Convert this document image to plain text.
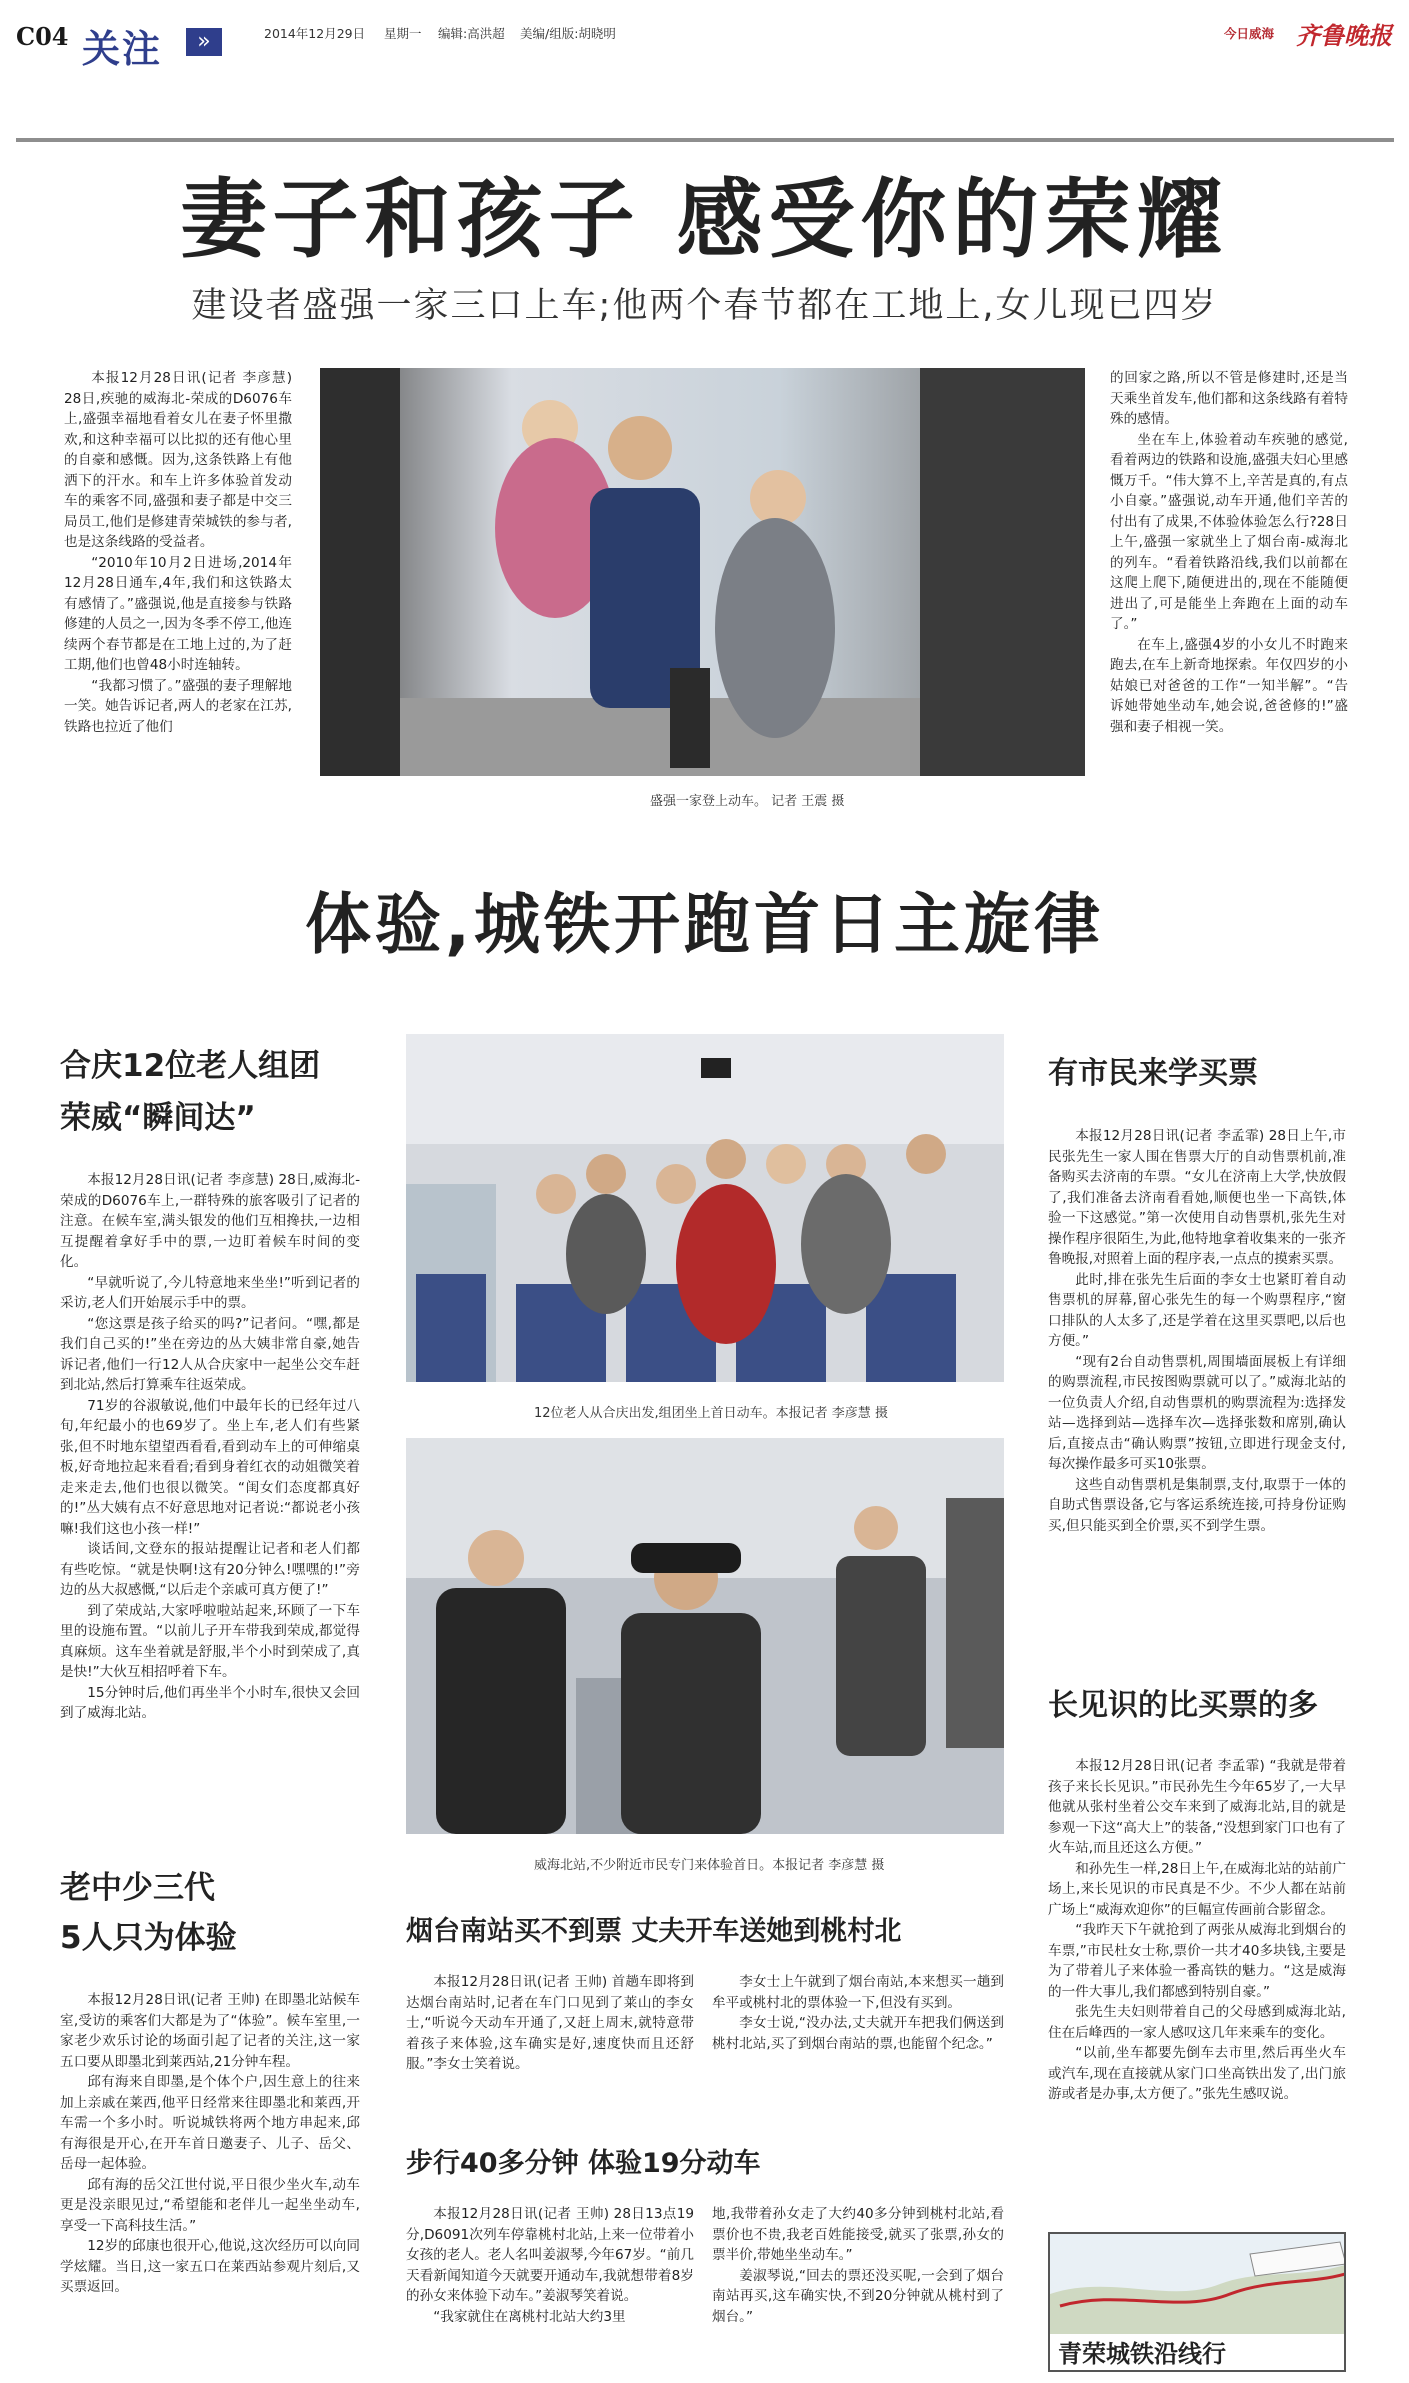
C04 关注	»	2014年12月29日 星期一 编辑:高洪超 美编/组版:胡晓明	今日威海 齐鲁晚报
妻子和孩子 感受你的荣耀
建设者盛强一家三口上车;他两个春节都在工地上,女儿现已四岁

本报12月28日讯(记者 李彦慧) 28日,疾驰的威海北-荣成的D6076车上,盛强幸福地看着女儿在妻子怀里撒欢,和这种幸福可以比拟的还有他心里的自豪和感慨。因为,这条铁路上有他洒下的汗水。和车上许多体验首发动车的乘客不同,盛强和妻子都是中交三局员工,他们是修建青荣城铁的参与者,也是这条线路的受益者。

“2010年10月2日进场,2014年12月28日通车,4年,我们和这铁路太有感情了。”盛强说,他是直接参与铁路修建的人员之一,因为冬季不停工,他连续两个春节都是在工地上过的,为了赶工期,他们也曾48小时连轴转。

“我都习惯了。”盛强的妻子理解地一笑。她告诉记者,两人的老家在江苏,铁路也拉近了他们

盛强一家登上动车。 记者 王震 摄

的回家之路,所以不管是修建时,还是当天乘坐首发车,他们都和这条线路有着特殊的感情。

坐在车上,体验着动车疾驰的感觉,看着两边的铁路和设施,盛强夫妇心里感慨万千。“伟大算不上,辛苦是真的,有点小自豪。”盛强说,动车开通,他们辛苦的付出有了成果,不体验体验怎么行?28日上午,盛强一家就坐上了烟台南-威海北的列车。“看着铁路沿线,我们以前都在这爬上爬下,随便进出的,现在不能随便进出了,可是能坐上奔跑在上面的动车了。”

在车上,盛强4岁的小女儿不时跑来跑去,在车上新奇地探索。年仅四岁的小姑娘已对爸爸的工作“一知半解”。“告诉她带她坐动车,她会说,爸爸修的!”盛强和妻子相视一笑。

体验,城铁开跑首日主旋律
合庆12位老人组团
荣威“瞬间达”

本报12月28日讯(记者 李彦慧) 28日,威海北-荣成的D6076车上,一群特殊的旅客吸引了记者的注意。在候车室,满头银发的他们互相搀扶,一边相互提醒着拿好手中的票,一边盯着候车时间的变化。

“早就听说了,今儿特意地来坐坐!”听到记者的采访,老人们开始展示手中的票。

“您这票是孩子给买的吗?”记者问。“嘿,都是我们自己买的!”坐在旁边的丛大姨非常自豪,她告诉记者,他们一行12人从合庆家中一起坐公交车赶到北站,然后打算乘车往返荣成。

71岁的谷淑敏说,他们中最年长的已经年过八旬,年纪最小的也69岁了。坐上车,老人们有些紧张,但不时地东望望西看看,看到动车上的可伸缩桌板,好奇地拉起来看看;看到身着红衣的动姐微笑着走来走去,他们也很以微笑。“闺女们态度都真好的!”丛大姨有点不好意思地对记者说:“都说老小孩嘛!我们这也小孩一样!”

谈话间,文登东的报站提醒让记者和老人们都有些吃惊。“就是快啊!这有20分钟么!嘿嘿的!”旁边的丛大叔感慨,“以后走个亲戚可真方便了!”

到了荣成站,大家呼啦啦站起来,环顾了一下车里的设施布置。“以前儿子开车带我到荣成,都觉得真麻烦。这车坐着就是舒服,半个小时到荣成了,真是快!”大伙互相招呼着下车。

15分钟时后,他们再坐半个小时车,很快又会回到了威海北站。

老中少三代
5人只为体验

本报12月28日讯(记者 王帅) 在即墨北站候车室,受访的乘客们大都是为了“体验”。候车室里,一家老少欢乐讨论的场面引起了记者的关注,这一家五口要从即墨北到莱西站,21分钟车程。

邱有海来自即墨,是个体个户,因生意上的往来加上亲戚在莱西,他平日经常来往即墨北和莱西,开车需一个多小时。听说城铁将两个地方串起来,邱有海很是开心,在开车首日邀妻子、儿子、岳父、岳母一起体验。

邱有海的岳父江世付说,平日很少坐火车,动车更是没亲眼见过,“希望能和老伴儿一起坐坐动车,享受一下高科技生活。”

12岁的邱康也很开心,他说,这次经历可以向同学炫耀。当日,这一家五口在莱西站参观片刻后,又买票返回。

12位老人从合庆出发,组团坐上首日动车。本报记者 李彦慧 摄
威海北站,不少附近市民专门来体验首日。本报记者 李彦慧 摄
烟台南站买不到票 丈夫开车送她到桃村北

本报12月28日讯(记者 王帅) 首趟车即将到达烟台南站时,记者在车门口见到了莱山的李女士,“听说今天动车开通了,又赶上周末,就特意带着孩子来体验,这车确实是好,速度快而且还舒服。”李女士笑着说。

李女士上午就到了烟台南站,本来想买一趟到牟平或桃村北的票体验一下,但没有买到。

李女士说,“没办法,丈夫就开车把我们俩送到桃村北站,买了到烟台南站的票,也能留个纪念。”

步行40多分钟 体验19分动车

本报12月28日讯(记者 王帅) 28日13点19分,D6091次列车停靠桃村北站,上来一位带着小女孩的老人。老人名叫姜淑琴,今年67岁。“前几天看新闻知道今天就要开通动车,我就想带着8岁的孙女来体验下动车。”姜淑琴笑着说。

“我家就住在离桃村北站大约3里

地,我带着孙女走了大约40多分钟到桃村北站,看票价也不贵,我老百姓能接受,就买了张票,孙女的票半价,带她坐坐动车。”

姜淑琴说,“回去的票还没买呢,一会到了烟台南站再买,这车确实快,不到20分钟就从桃村到了烟台。”

有市民来学买票

本报12月28日讯(记者 李孟霏) 28日上午,市民张先生一家人围在售票大厅的自动售票机前,准备购买去济南的车票。“女儿在济南上大学,快放假了,我们准备去济南看看她,顺便也坐一下高铁,体验一下这感觉。”第一次使用自动售票机,张先生对操作程序很陌生,为此,他特地拿着收集来的一张齐鲁晚报,对照着上面的程序表,一点点的摸索买票。

此时,排在张先生后面的李女士也紧盯着自动售票机的屏幕,留心张先生的每一个购票程序,“窗口排队的人太多了,还是学着在这里买票吧,以后也方便。”

“现有2台自动售票机,周围墙面展板上有详细的购票流程,市民按图购票就可以了。”威海北站的一位负责人介绍,自动售票机的购票流程为:选择发站—选择到站—选择车次—选择张数和席别,确认后,直接点击“确认购票”按钮,立即进行现金支付,每次操作最多可买10张票。

这些自动售票机是集制票,支付,取票于一体的自助式售票设备,它与客运系统连接,可持身份证购买,但只能买到全价票,买不到学生票。

长见识的比买票的多

本报12月28日讯(记者 李孟霏) “我就是带着孩子来长长见识。”市民孙先生今年65岁了,一大早他就从张村坐着公交车来到了威海北站,目的就是参观一下这“高大上”的装备,“没想到家门口也有了火车站,而且还这么方便。”

和孙先生一样,28日上午,在威海北站的站前广场上,来长见识的市民真是不少。不少人都在站前广场上“威海欢迎你”的巨幅宣传画前合影留念。

“我昨天下午就抢到了两张从威海北到烟台的车票,”市民杜女士称,票价一共才40多块钱,主要是为了带着儿子来体验一番高铁的魅力。“这是威海的一件大事儿,我们都感到特别自豪。”

张先生夫妇则带着自己的父母感到威海北站,住在后峰西的一家人感叹这几年来乘车的变化。

“以前,坐车都要先倒车去市里,然后再坐火车或汽车,现在直接就从家门口坐高铁出发了,出门旅游或者是办事,太方便了。”张先生感叹说。

青荣城铁沿线行
